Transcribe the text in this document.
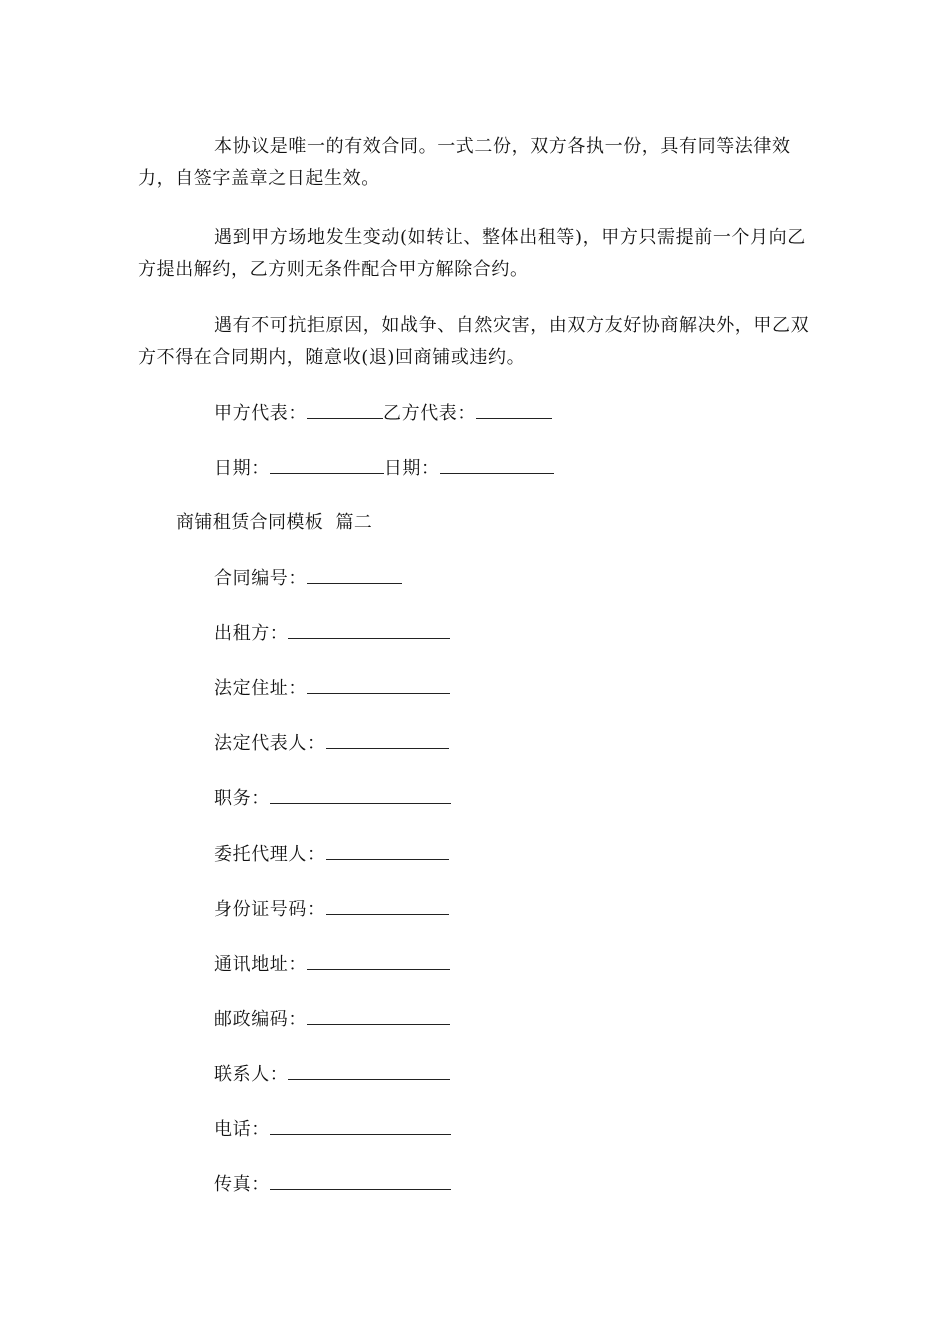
本协议是唯一的有效合同。一式二份，双方各执一份，具有同等法律效力，自签字盖章之日起生效。

遇到甲方场地发生变动(如转让、整体出租等)，甲方只需提前一个月向乙方提出解约，乙方则无条件配合甲方解除合约。

遇有不可抗拒原因，如战争、自然灾害，由双方友好协商解决外，甲乙双方不得在合同期内，随意收(退)回商铺或违约。

甲方代表：	乙方代表：
日期：	日期：
商铺租赁合同模板  篇二
合同编号：
出租方：
法定住址：
法定代表人：
职务：
委托代理人：
身份证号码：
通讯地址：
邮政编码：
联系人：
电话：
传真：
